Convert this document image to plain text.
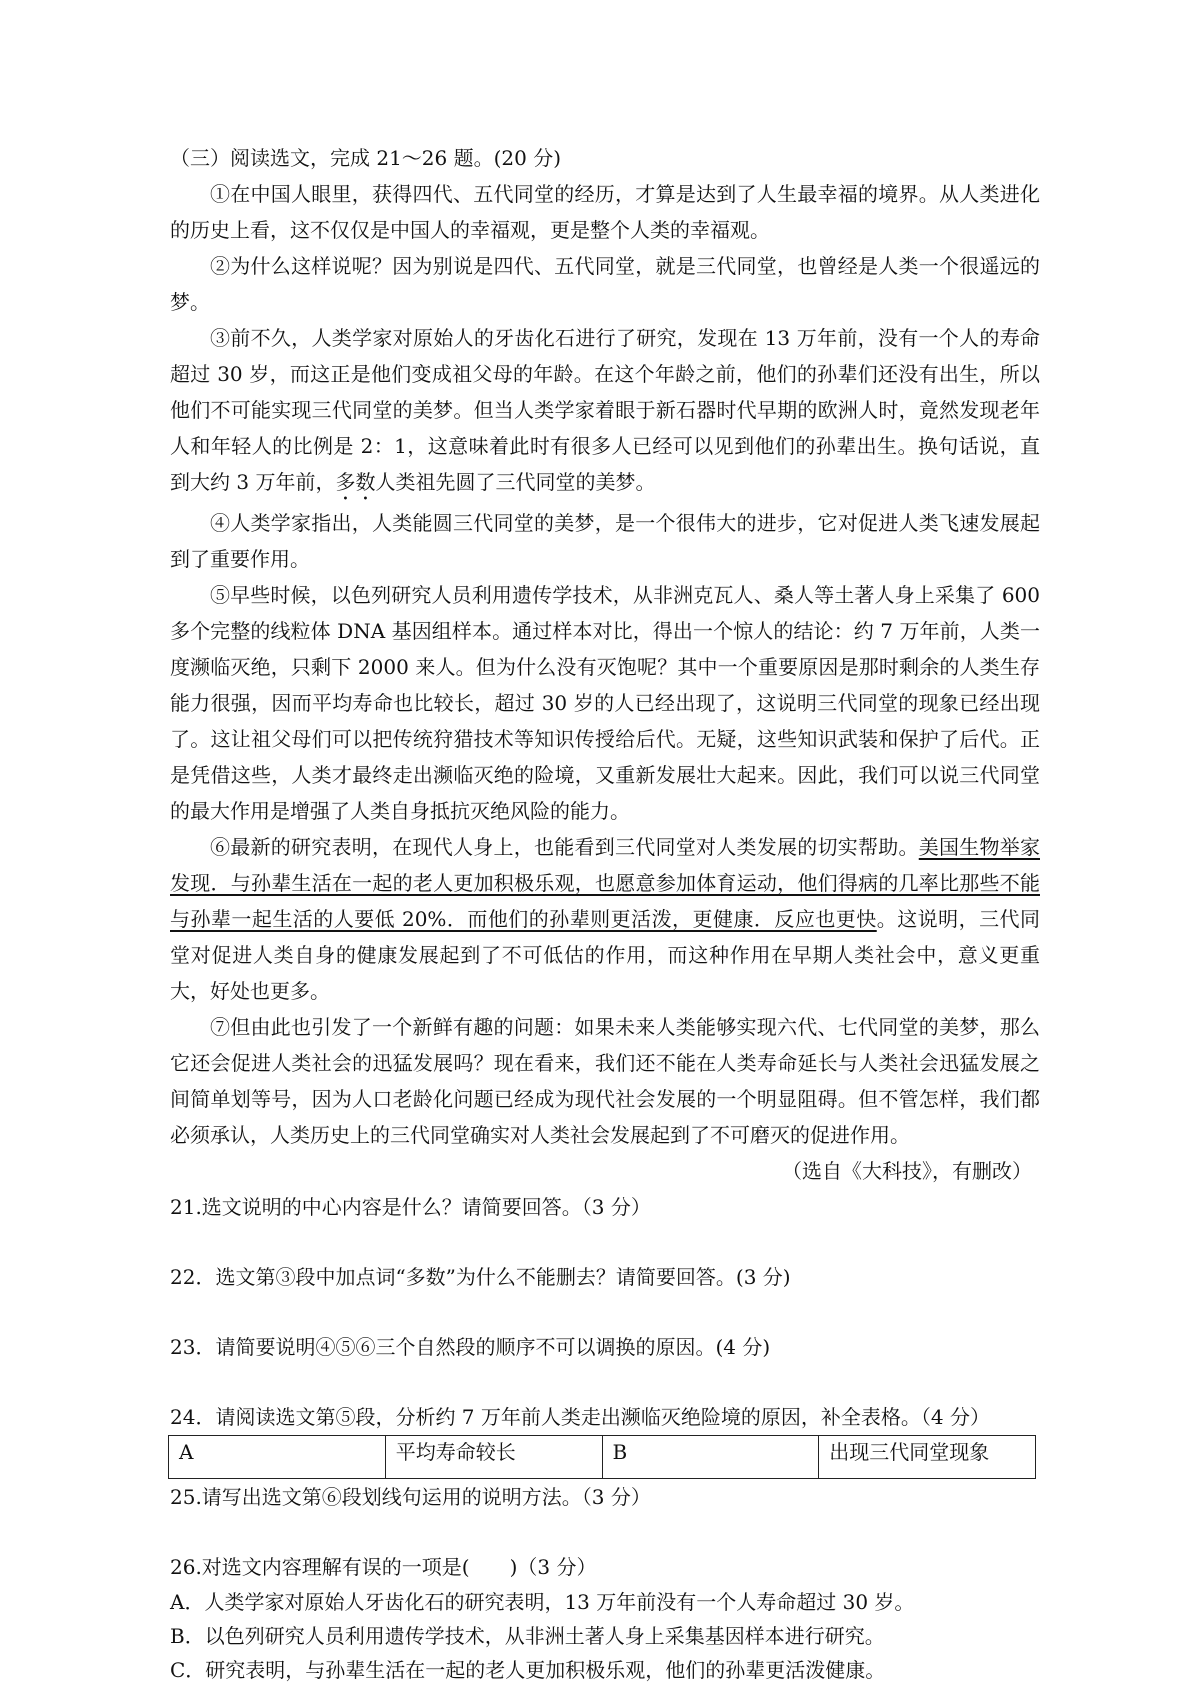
（三）阅读选文，完成 21～26 题。(20 分)

①在中国人眼里，获得四代、五代同堂的经历，才算是达到了人生最幸福的境界。从人类进化的历史上看，这不仅仅是中国人的幸福观，更是整个人类的幸福观。

②为什么这样说呢？因为别说是四代、五代同堂，就是三代同堂，也曾经是人类一个很遥远的梦。

③前不久，人类学家对原始人的牙齿化石进行了研究，发现在 13 万年前，没有一个人的寿命超过 30 岁，而这正是他们变成祖父母的年龄。在这个年龄之前，他们的孙辈们还没有出生，所以他们不可能实现三代同堂的美梦。但当人类学家着眼于新石器时代早期的欧洲人时，竟然发现老年人和年轻人的比例是 2：1，这意味着此时有很多人已经可以见到他们的孙辈出生。换句话说，直到大约 3 万年前，多数人类祖先圆了三代同堂的美梦。

④人类学家指出，人类能圆三代同堂的美梦，是一个很伟大的进步，它对促进人类飞速发展起到了重要作用。

⑤早些时候，以色列研究人员利用遗传学技术，从非洲克瓦人、桑人等土著人身上采集了 600 多个完整的线粒体 DNA 基因组样本。通过样本对比，得出一个惊人的结论：约 7 万年前，人类一度濒临灭绝，只剩下 2000 来人。但为什么没有灭饱呢？其中一个重要原因是那时剩余的人类生存能力很强，因而平均寿命也比较长，超过 30 岁的人已经出现了，这说明三代同堂的现象已经出现了。这让祖父母们可以把传统狩猎技术等知识传授给后代。无疑，这些知识武装和保护了后代。正是凭借这些，人类才最终走出濒临灭绝的险境，又重新发展壮大起来。因此，我们可以说三代同堂的最大作用是增强了人类自身抵抗灭绝风险的能力。

⑥最新的研究表明，在现代人身上，也能看到三代同堂对人类发展的切实帮助。美国生物举家发现．与孙辈生活在一起的老人更加积极乐观，也愿意参加体育运动，他们得病的几率比那些不能与孙辈一起生活的人要低 20%．而他们的孙辈则更活泼，更健康．反应也更快。这说明，三代同堂对促进人类自身的健康发展起到了不可低估的作用，而这种作用在早期人类社会中，意义更重大，好处也更多。

⑦但由此也引发了一个新鲜有趣的问题：如果未来人类能够实现六代、七代同堂的美梦，那么它还会促进人类社会的迅猛发展吗？现在看来，我们还不能在人类寿命延长与人类社会迅猛发展之间简单划等号，因为人口老龄化问题已经成为现代社会发展的一个明显阻碍。但不管怎样，我们都必须承认，人类历史上的三代同堂确实对人类社会发展起到了不可磨灭的促进作用。

（选自《大科技》，有删改）
21.选文说明的中心内容是什么？请简要回答。（3 分）
22．选文第③段中加点词“多数”为什么不能删去？请简要回答。(3 分)
23．请简要说明④⑤⑥三个自然段的顺序不可以调换的原因。(4 分)
24．请阅读选文第⑤段，分析约 7 万年前人类走出濒临灭绝险境的原因，补全表格。（4 分）
A	平均寿命较长	B	出现三代同堂现象
25.请写出选文第⑥段划线句运用的说明方法。（3 分）
26.对选文内容理解有误的一项是(　　)（3 分）
A．人类学家对原始人牙齿化石的研究表明，13 万年前没有一个人寿命超过 30 岁。
B．以色列研究人员利用遗传学技术，从非洲土著人身上采集基因样本进行研究。
C．研究表明，与孙辈生活在一起的老人更加积极乐观，他们的孙辈更活泼健康。
